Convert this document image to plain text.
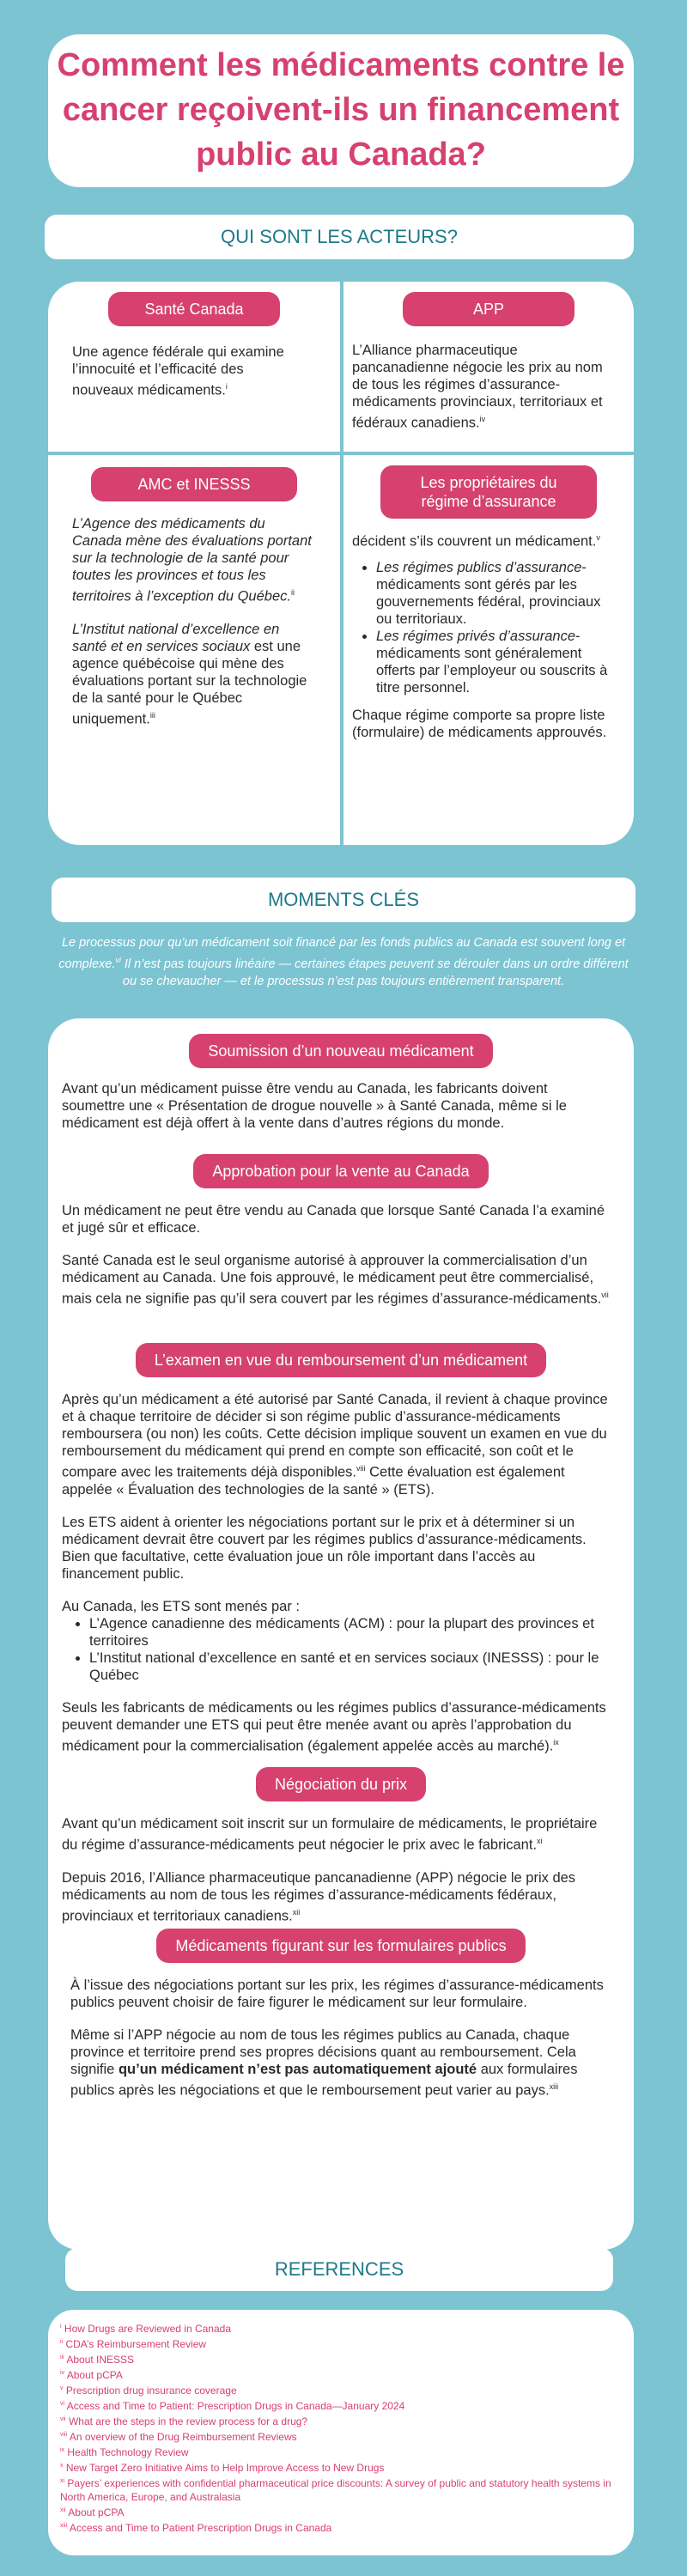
Comment les médicaments contre le cancer reçoivent-ils un financement public au Canada?
QUI SONT LES ACTEURS?
Santé Canada

Une agence fédérale qui examine l’innocuité et l’efficacité des nouveaux médicaments.$^i$

APP

L’Alliance pharmaceutique pancanadienne négocie les prix au nom de tous les régimes d’assurance-médicaments provinciaux, territoriaux et fédéraux canadiens.$^{iv}$

AMC et INESSS

L’Agence des médicaments du Canada mène des évaluations portant sur la technologie de la santé pour toutes les provinces et tous les territoires à l’exception du Québec.$^{ii}$

L’Institut national d’excellence en santé et en services sociaux est une agence québécoise qui mène des évaluations portant sur la technologie de la santé pour le Québec uniquement.$^{iii}$

Les propriétaires du
régime d’assurance

décident s’ils couvrent un médicament.$^v$

• Les régimes publics d’assurance-médicaments sont gérés par les gouvernements fédéral, provinciaux ou territoriaux.
• Les régimes privés d’assurance-médicaments sont généralement offerts par l’employeur ou souscrits à titre personnel.

Chaque régime comporte sa propre liste (formulaire) de médicaments approuvés.

MOMENTS CLÉS

Le processus pour qu’un médicament soit financé par les fonds publics au Canada est souvent long et complexe.$^{vi}$ Il n’est pas toujours linéaire — certaines étapes peuvent se dérouler dans un ordre différent ou se chevaucher — et le processus n’est pas toujours entièrement transparent.

Soumission d’un nouveau médicament

Avant qu’un médicament puisse être vendu au Canada, les fabricants doivent soumettre une « Présentation de drogue nouvelle » à Santé Canada, même si le médicament est déjà offert à la vente dans d’autres régions du monde.

Approbation pour la vente au Canada

Un médicament ne peut être vendu au Canada que lorsque Santé Canada l’a examiné et jugé sûr et efficace.

Santé Canada est le seul organisme autorisé à approuver la commercialisation d’un médicament au Canada. Une fois approuvé, le médicament peut être commercialisé, mais cela ne signifie pas qu’il sera couvert par les régimes d’assurance-médicaments.$^{vii}$

L’examen en vue du remboursement d’un médicament

Après qu’un médicament a été autorisé par Santé Canada, il revient à chaque province et à chaque territoire de décider si son régime public d’assurance-médicaments remboursera (ou non) les coûts. Cette décision implique souvent un examen en vue du remboursement du médicament qui prend en compte son efficacité, son coût et le compare avec les traitements déjà disponibles.$^{viii}$ Cette évaluation est également appelée « Évaluation des technologies de la santé » (ETS).

Les ETS aident à orienter les négociations portant sur le prix et à déterminer si un médicament devrait être couvert par les régimes publics d’assurance-médicaments. Bien que facultative, cette évaluation joue un rôle important dans l’accès au financement public.

Au Canada, les ETS sont menés par :

• L’Agence canadienne des médicaments (ACM) : pour la plupart des provinces et territoires
• L’Institut national d’excellence en santé et en services sociaux (INESSS) : pour le Québec

Seuls les fabricants de médicaments ou les régimes publics d’assurance-médicaments peuvent demander une ETS qui peut être menée avant ou après l’approbation du médicament pour la commercialisation (également appelée accès au marché).$^{ix}$

Négociation du prix

Avant qu’un médicament soit inscrit sur un formulaire de médicaments, le propriétaire du régime d’assurance-médicaments peut négocier le prix avec le fabricant.$^{xi}$

Depuis 2016, l’Alliance pharmaceutique pancanadienne (APP) négocie le prix des médicaments au nom de tous les régimes d’assurance-médicaments fédéraux, provinciaux et territoriaux canadiens.$^{xii}$

Médicaments figurant sur les formulaires publics

À l’issue des négociations portant sur les prix, les régimes d’assurance-médicaments publics peuvent choisir de faire figurer le médicament sur leur formulaire.

Même si l’APP négocie au nom de tous les régimes publics au Canada, chaque province et territoire prend ses propres décisions quant au remboursement. Cela signifie qu’un médicament n’est pas automatiquement ajouté aux formulaires publics après les négociations et que le remboursement peut varier au pays.$^{xiii}$

REFERENCES
$^i$ How Drugs are Reviewed in Canada
$^{ii}$ CDA’s Reimbursement Review
$^{iii}$ About INESSS
$^{iv}$ About pCPA
$^v$ Prescription drug insurance coverage
$^{vi}$ Access and Time to Patient: Prescription Drugs in Canada—January 2024
$^{vii}$ What are the steps in the review process for a drug?
$^{viii}$ An overview of the Drug Reimbursement Reviews
$^{ix}$ Health Technology Review
$^x$ New Target Zero Initiative Aims to Help Improve Access to New Drugs
$^{xi}$ Payers’ experiences with confidential pharmaceutical price discounts: A survey of public and statutory health systems in North America, Europe, and Australasia
$^{xii}$ About pCPA
$^{xiii}$ Access and Time to Patient Prescription Drugs in Canada
